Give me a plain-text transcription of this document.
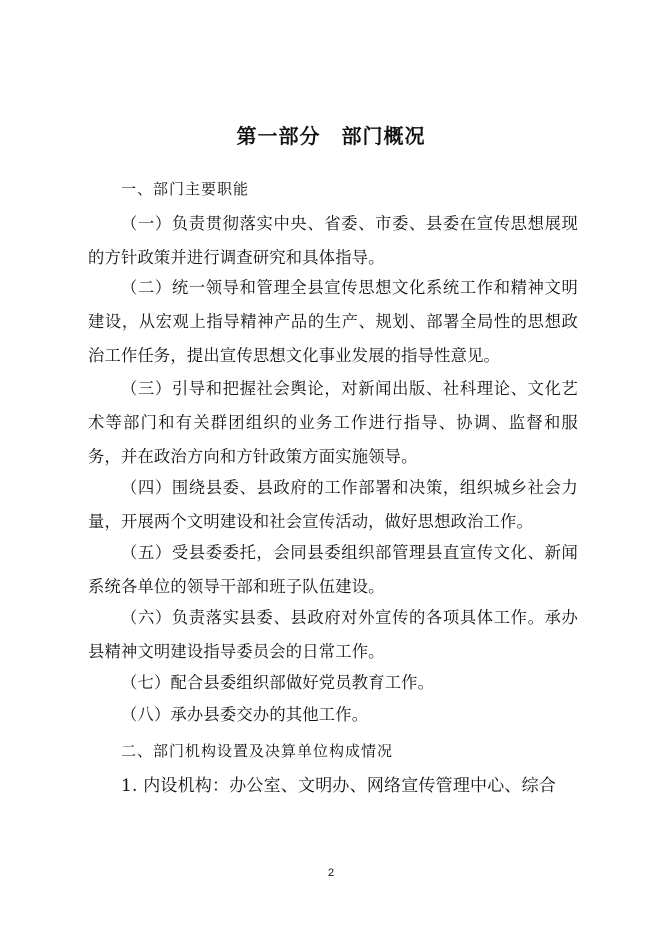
第一部分　部门概况
一、部门主要职能

（一）负责贯彻落实中央、省委、市委、县委在宣传思想展现的方针政策并进行调查研究和具体指导。

（二）统一领导和管理全县宣传思想文化系统工作和精神文明建设，从宏观上指导精神产品的生产、规划、部署全局性的思想政治工作任务，提出宣传思想文化事业发展的指导性意见。

（三）引导和把握社会舆论，对新闻出版、社科理论、文化艺术等部门和有关群团组织的业务工作进行指导、协调、监督和服务，并在政治方向和方针政策方面实施领导。

（四）围绕县委、县政府的工作部署和决策，组织城乡社会力量，开展两个文明建设和社会宣传活动，做好思想政治工作。

（五）受县委委托，会同县委组织部管理县直宣传文化、新闻系统各单位的领导干部和班子队伍建设。

（六）负责落实县委、县政府对外宣传的各项具体工作。承办县精神文明建设指导委员会的日常工作。

（七）配合县委组织部做好党员教育工作。

（八）承办县委交办的其他工作。

二、部门机构设置及决算单位构成情况

1. 内设机构：办公室、文明办、网络宣传管理中心、综合

2
